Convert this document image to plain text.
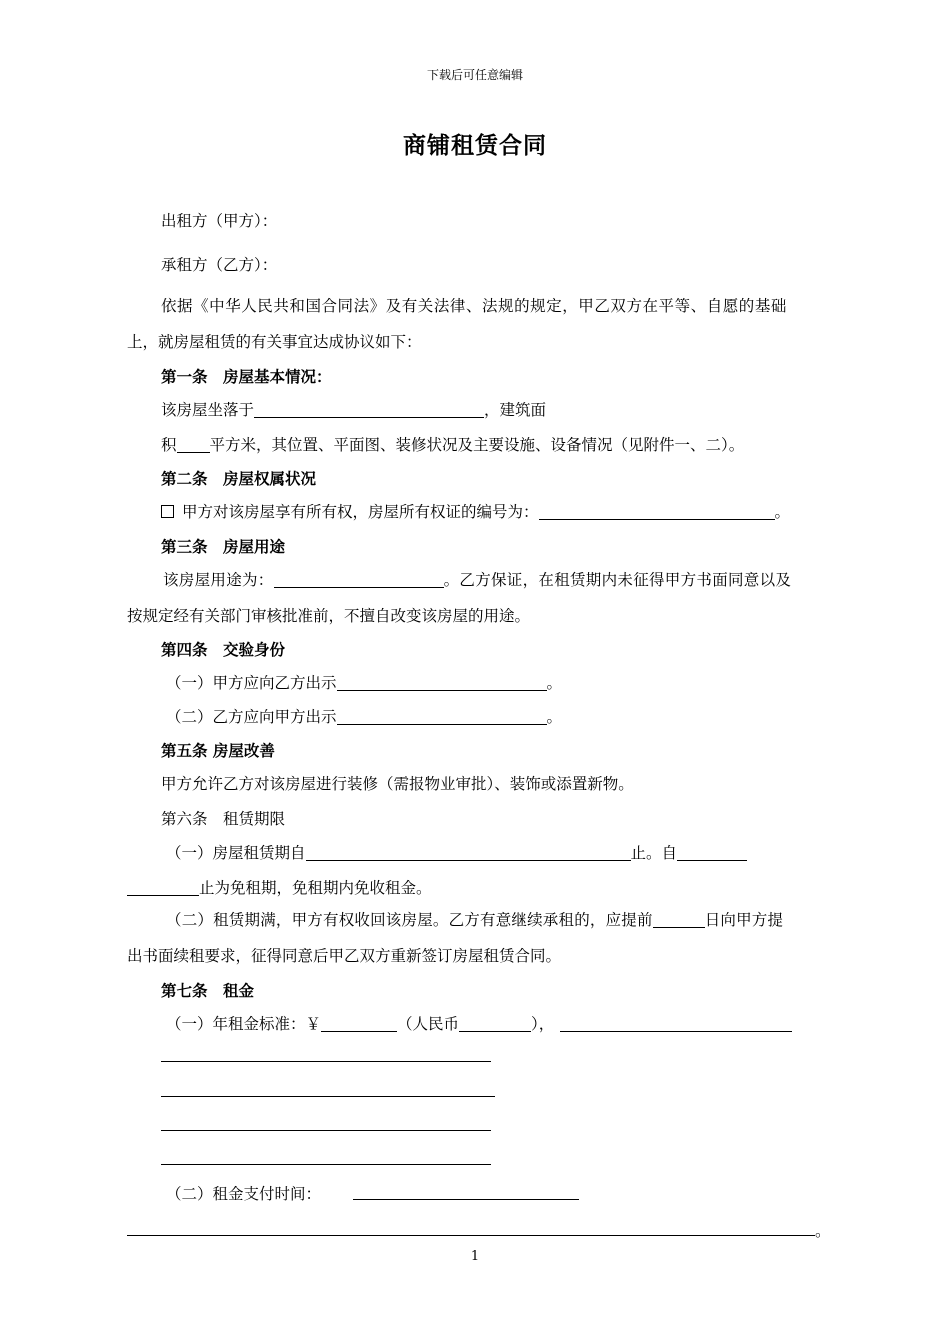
下载后可任意编辑
商铺租赁合同
出租方（甲方）：
承租方（乙方）：
依据《中华人民共和国合同法》及有关法律、法规的规定，甲乙双方在平等、自愿的基础
上，就房屋租赁的有关事宜达成协议如下：
第一条　房屋基本情况：
该房屋坐落于	，建筑面
积 平方米，其位置、平面图、装修状况及主要设施、设备情况（见附件一、二）。
第二条　房屋权属状况
甲方对该房屋享有所有权，房屋所有权证的编号为：	。
第三条　房屋用途
该房屋用途为：	。乙方保证，在租赁期内未征得甲方书面同意以及
按规定经有关部门审核批准前，不擅自改变该房屋的用途。
第四条　交验身份
（一）甲方应向乙方出示	。
（二）乙方应向甲方出示	。
第五条 房屋改善
甲方允许乙方对该房屋进行装修（需报物业审批）、装饰或添置新物。
第六条　租赁期限
（一）房屋租赁期自	止。自
止为免租期，免租期内免收租金。
（二）租赁期满，甲方有权收回该房屋。乙方有意继续承租的，应提前	日向甲方提
出书面续租要求，征得同意后甲乙双方重新签订房屋租赁合同。
第七条　租金
（一）年租金标准：￥	（人民币	），
（二）租金支付时间：
。
1
